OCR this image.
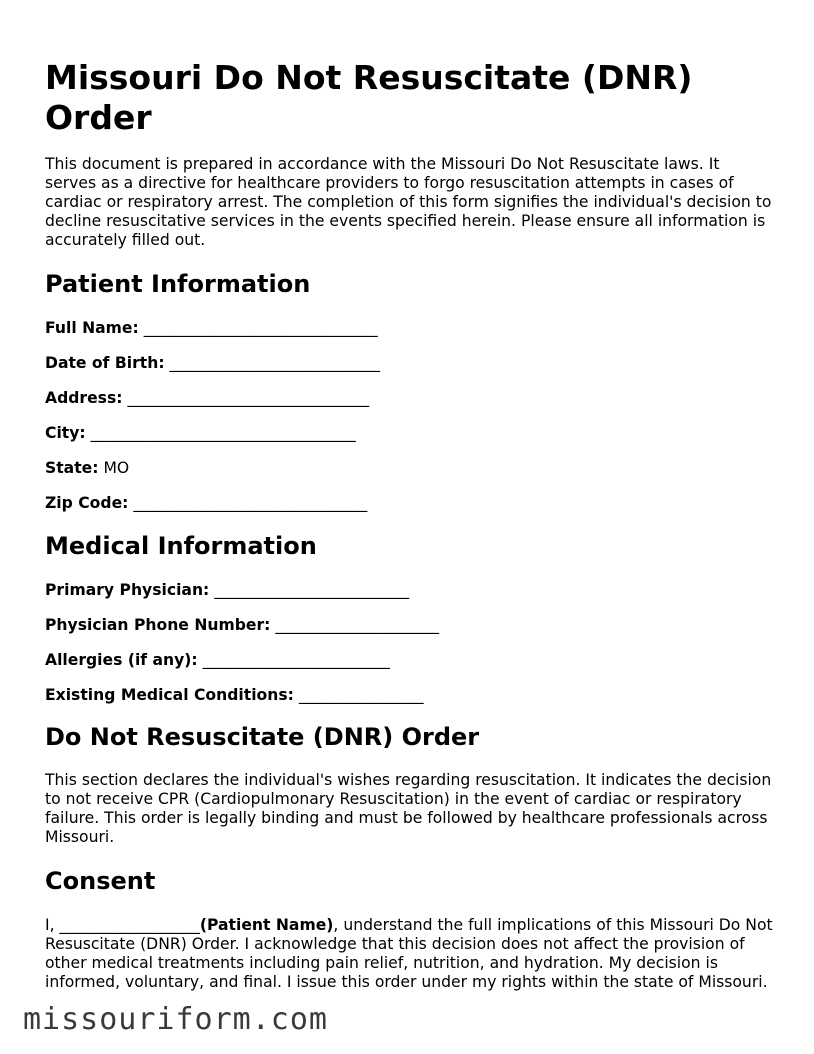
Missouri Do Not Resuscitate (DNR) Order

This document is prepared in accordance with the Missouri Do Not Resuscitate laws. It serves as a directive for healthcare providers to forgo resuscitation attempts in cases of cardiac or respiratory arrest. The completion of this form signifies the individual's decision to decline resuscitative services in the events specified herein. Please ensure all information is accurately filled out.

Patient Information
Full Name: ______________________________
Date of Birth: ___________________________
Address: _______________________________
City: __________________________________
State: MO
Zip Code: ______________________________
Medical Information
Primary Physician: _________________________
Physician Phone Number: _____________________
Allergies (if any): ________________________
Existing Medical Conditions: ________________
Do Not Resuscitate (DNR) Order

This section declares the individual's wishes regarding resuscitation. It indicates the decision to not receive CPR (Cardiopulmonary Resuscitation) in the event of cardiac or respiratory failure. This order is legally binding and must be followed by healthcare professionals across Missouri.

Consent

I, __________________(Patient Name), understand the full implications of this Missouri Do Not Resuscitate (DNR) Order. I acknowledge that this decision does not affect the provision of other medical treatments including pain relief, nutrition, and hydration. My decision is informed, voluntary, and final. I issue this order under my rights within the state of Missouri.

missouriform.com
